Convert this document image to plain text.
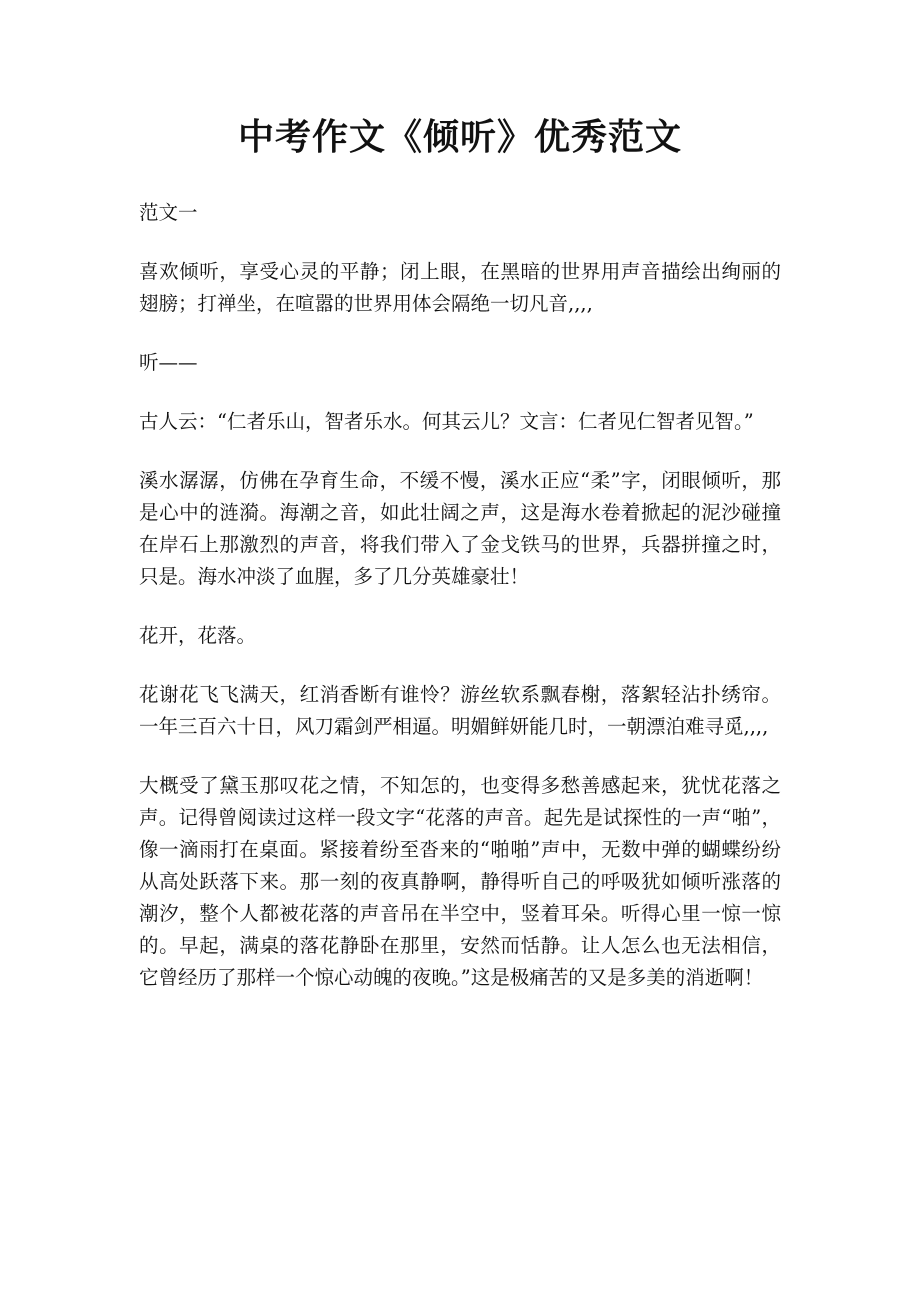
中考作文《倾听》优秀范文

范文一

喜欢倾听，享受心灵的平静；闭上眼，在黑暗的世界用声音描绘出绚丽的翅膀；打禅坐，在喧嚣的世界用体会隔绝一切凡音,,,,

听——

古人云：“仁者乐山，智者乐水。何其云儿？文言：仁者见仁智者见智。”

溪水潺潺，仿佛在孕育生命，不缓不慢，溪水正应“柔”字，闭眼倾听，那是心中的涟漪。海潮之音，如此壮阔之声，这是海水卷着掀起的泥沙碰撞在岸石上那激烈的声音，将我们带入了金戈铁马的世界，兵器拼撞之时，只是。海水冲淡了血腥，多了几分英雄豪壮！

花开，花落。

花谢花飞飞满天，红消香断有谁怜？游丝软系飘春榭，落絮轻沾扑绣帘。一年三百六十日，风刀霜剑严相逼。明媚鲜妍能几时，一朝漂泊难寻觅,,,,

大概受了黛玉那叹花之情，不知怎的，也变得多愁善感起来，犹忧花落之声。记得曾阅读过这样一段文字“花落的声音。起先是试探性的一声“啪”，像一滴雨打在桌面。紧接着纷至沓来的“啪啪”声中，无数中弹的蝴蝶纷纷从高处跃落下来。那一刻的夜真静啊，静得听自己的呼吸犹如倾听涨落的潮汐，整个人都被花落的声音吊在半空中，竖着耳朵。听得心里一惊一惊的。早起，满桌的落花静卧在那里，安然而恬静。让人怎么也无法相信，它曾经历了那样一个惊心动魄的夜晚。”这是极痛苦的又是多美的消逝啊！
